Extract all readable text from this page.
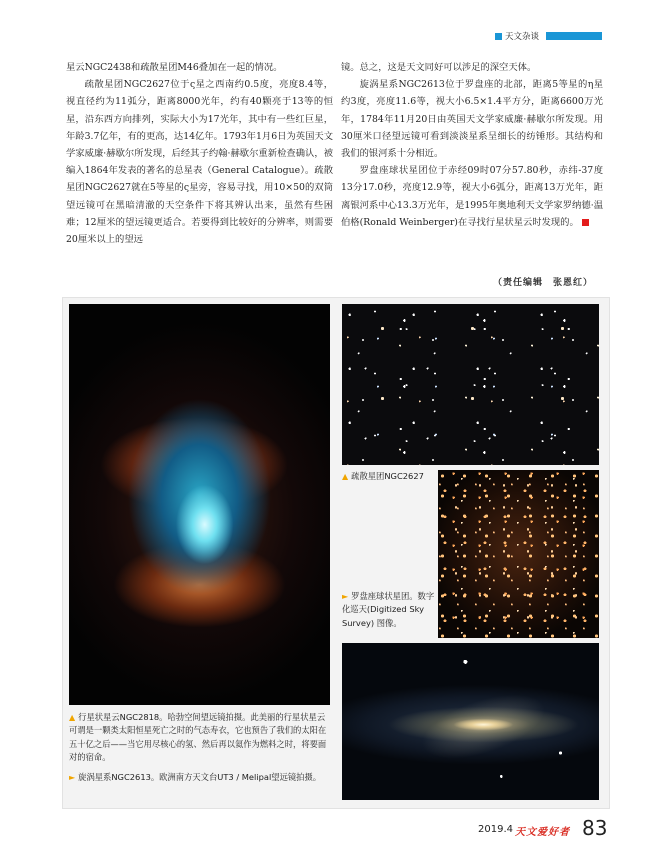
天文杂谈

星云NGC2438和疏散星团M46叠加在一起的情况。

疏散星团NGC2627位于ς星之西南约0.5度，亮度8.4等，视直径约为11弧分，距离8000光年，约有40颗亮于13等的恒星，沿东西方向排列，实际大小为17光年，其中有一些红巨星，年龄3.7亿年，有的更高，达14亿年。1793年1月6日为英国天文学家威廉·赫歇尔所发现，后经其子约翰·赫歇尔重新检查确认，被编入1864年发表的著名的总星表（General Catalogue）。疏散星团NGC2627就在5等星的ς星旁，容易寻找，用10×50的双筒望远镜可在黑暗清澈的天空条件下将其辨认出来，虽然有些困难；12厘米的望远镜更适合。若要得到比较好的分辨率，则需要20厘米以上的望远

镜。总之，这是天文同好可以涉足的深空天体。

旋涡星系NGC2613位于罗盘座的北部，距离5等星的η星约3度，亮度11.6等，视大小6.5×1.4平方分，距离6600万光年，1784年11月20日由英国天文学家威廉·赫歇尔所发现。用30厘米口径望远镜可看到淡淡星系呈细长的纺锤形。其结构和我们的银河系十分相近。

罗盘座球状星团位于赤经09时07分57.80秒，赤纬-37度13分17.0秒，亮度12.9等，视大小6弧分，距离13万光年，距离银河系中心13.3万光年，是1995年奥地利天文学家罗纳德·温伯格(Ronald Weinberger)在寻找行星状星云时发现的。

（责任编辑　张恩红）
▲ 行星状星云NGC2818。哈勃空间望远镜拍摄。此美丽的行星状星云可谓是一颗类太阳恒星死亡之时的气态寿衣，它也预告了我们的太阳在五十亿之后——当它用尽核心的氢、然后再以氦作为燃料之时，将要面对的宿命。
► 旋涡星系NGC2613。欧洲南方天文台UT3 / Melipal望远镜拍摄。
▲ 疏散星团NGC2627
► 罗盘座球状星团。数字化巡天(Digitized Sky Survey) 图像。
2019.4 天文爱好者 83
